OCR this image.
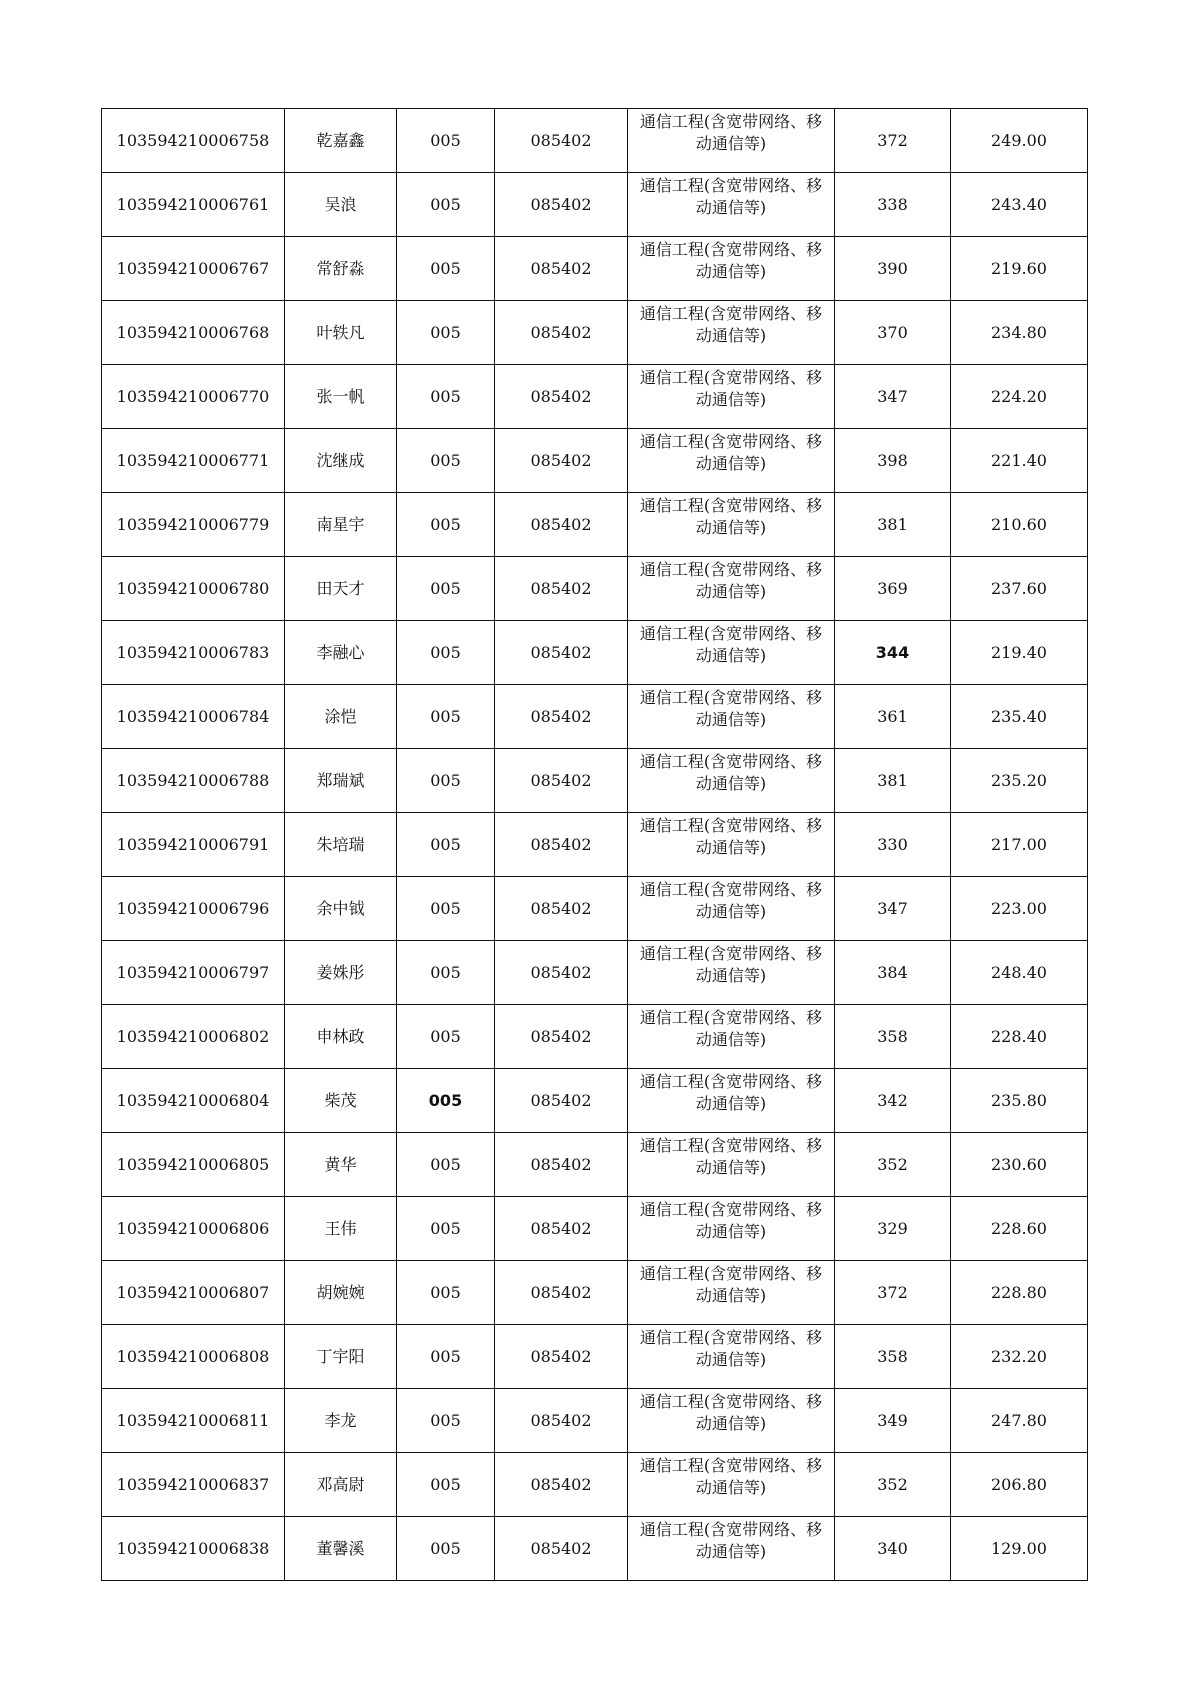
103594210006758	乾嘉鑫	005	085402	通信工程(含宽带网络、移动通信等)	372	249.00
103594210006761	吴浪	005	085402	通信工程(含宽带网络、移动通信等)	338	243.40
103594210006767	常舒淼	005	085402	通信工程(含宽带网络、移动通信等)	390	219.60
103594210006768	叶轶凡	005	085402	通信工程(含宽带网络、移动通信等)	370	234.80
103594210006770	张一帆	005	085402	通信工程(含宽带网络、移动通信等)	347	224.20
103594210006771	沈继成	005	085402	通信工程(含宽带网络、移动通信等)	398	221.40
103594210006779	南星宇	005	085402	通信工程(含宽带网络、移动通信等)	381	210.60
103594210006780	田天才	005	085402	通信工程(含宽带网络、移动通信等)	369	237.60
103594210006783	李融心	005	085402	通信工程(含宽带网络、移动通信等)	344	219.40
103594210006784	涂恺	005	085402	通信工程(含宽带网络、移动通信等)	361	235.40
103594210006788	郑瑞斌	005	085402	通信工程(含宽带网络、移动通信等)	381	235.20
103594210006791	朱培瑞	005	085402	通信工程(含宽带网络、移动通信等)	330	217.00
103594210006796	余中钺	005	085402	通信工程(含宽带网络、移动通信等)	347	223.00
103594210006797	姜姝彤	005	085402	通信工程(含宽带网络、移动通信等)	384	248.40
103594210006802	申林政	005	085402	通信工程(含宽带网络、移动通信等)	358	228.40
103594210006804	柴茂	005	085402	通信工程(含宽带网络、移动通信等)	342	235.80
103594210006805	黄华	005	085402	通信工程(含宽带网络、移动通信等)	352	230.60
103594210006806	王伟	005	085402	通信工程(含宽带网络、移动通信等)	329	228.60
103594210006807	胡婉婉	005	085402	通信工程(含宽带网络、移动通信等)	372	228.80
103594210006808	丁宇阳	005	085402	通信工程(含宽带网络、移动通信等)	358	232.20
103594210006811	李龙	005	085402	通信工程(含宽带网络、移动通信等)	349	247.80
103594210006837	邓高尉	005	085402	通信工程(含宽带网络、移动通信等)	352	206.80
103594210006838	董馨溪	005	085402	通信工程(含宽带网络、移动通信等)	340	129.00
